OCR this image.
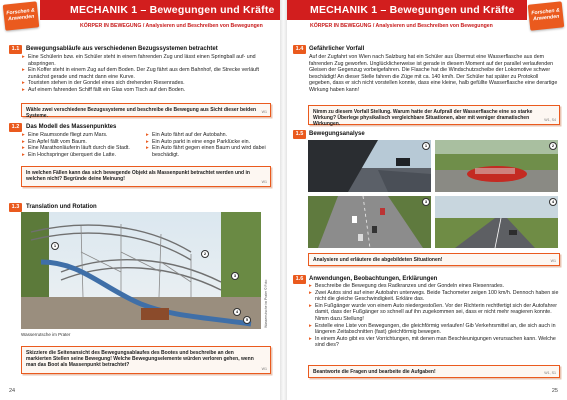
Forschen & Anwenden
MECHANIK 1 – Bewegungen und Kräfte
KÖRPER IN BEWEGUNG / Analysieren und Beschreiben von Bewegungen
1.1	Bewegungsabläufe aus verschiedenen Bezugssystemen betrachtet
▸ Eine Schülerin bzw. ein Schüler steht in einem fahrenden Zug und lässt einen Springball auf- und abspringen.
▸ Ein Koffer steht in einem Zug auf dem Boden. Der Zug fährt aus dem Bahnhof, die Strecke verläuft zunächst gerade und macht dann eine Kurve.
▸ Touristen stehen in der Gondel eines sich drehenden Riesenrades.
▸ Auf einem fahrenden Schiff fällt ein Glas vom Tisch auf den Boden.
Wähle zwei verschiedene Bezugssysteme und beschreibe die Bewegung aus Sicht dieser beiden Systeme.
W1
1.2	Das Modell des Massenpunktes
▸ Eine Raumsonde fliegt zum Mars.
▸ Ein Apfel fällt vom Baum.
▸ Eine Marathonläuferin läuft durch die Stadt.
▸ Ein Hochspringer überquert die Latte.
▸ Ein Auto fährt auf der Autobahn.
▸ Ein Auto parkt in eine enge Parklücke ein.
▸ Ein Auto fährt gegen einen Baum und wird dabei beschädigt.
In welchen Fällen kann das sich bewegende Objekt als Massenpunkt betrachtet werden und in welchen nicht? Begründe deine Meinung!	W1
1.3	Translation und Rotation
1
2
3
4
5	Wasserrutsche im Prater © Foto
Wasserrutsche im Prater
Skizziere die Seitenansicht des Bewegungsablaufes des Bootes und beschreibe an den markierten Stellen seine Bewegung! Welche Bewegungselemente würden verloren gehen, wenn man das Boot als Massenpunkt betrachtet?
W1
24
Forschen & Anwenden
MECHANIK 1 – Bewegungen und Kräfte
KÖRPER IN BEWEGUNG / Analysieren und Beschreiben von Bewegungen
1.4 Gefährlicher Vorfall
Auf der Zugfahrt von Wien nach Salzburg hat ein Schüler aus Übermut eine Wasserflasche aus dem fahrenden Zug geworfen. Unglücklicherweise ist gerade in diesem Moment auf der parallel verlaufenden Gleisen der Gegenzug vorbeigefahren. Die Flasche hat die Windschutzscheibe der Lokomotive schwer beschädigt! An dieser Stelle fahren die Züge mit ca. 140 km/h. Der Schüler hat später zu Protokoll gegeben, dass er sich nicht vorstellen konnte, dass eine kleine, halb gefüllte Wasserflasche eine derartige Wirkung haben kann!
Nimm zu diesem Vorfall Stellung. Warum hatte der Aufprall der Wasserflasche eine so starke Wirkung? Überlege physikalisch vergleichbare Situationen, aber mit weniger dramatischen Wirkungen.
W1, S4
1.5 Bewegungsanalyse
1	2
3	4
Analysiere und erläutere die abgebildeten Situationen!	W1
1.6 Anwendungen, Beobachtungen, Erklärungen
▸ Beschreibe die Bewegung des Radkranzes und der Gondeln eines Riesenrades.
▸ Zwei Autos sind auf einer Autobahn unterwegs. Beide Tachometer zeigen 100 km/h. Dennoch haben sie nicht die gleiche Geschwindigkeit. Erkläre das.
▸ Ein Fußgänger wurde von einem Auto niedergestoßen. Vor der Richterin rechtfertigt sich der Autofahrer damit, dass der Fußgänger so schnell auf ihn zugekommen sei, dass er nicht mehr reagieren konnte. Nimm dazu Stellung!
▸ Erstelle eine Liste von Bewegungen, die gleichförmig verlaufen! Gib Verkehrsmittel an, die sich auch in längeren Zeitabschnitten (fast) gleichförmig bewegen.
▸ In einem Auto gibt es vier Vorrichtungen, mit denen man Beschleunigungen verursachen kann. Welche sind dies?
Beantworte die Fragen und bearbeite die Aufgaben!	W1, S1
25
